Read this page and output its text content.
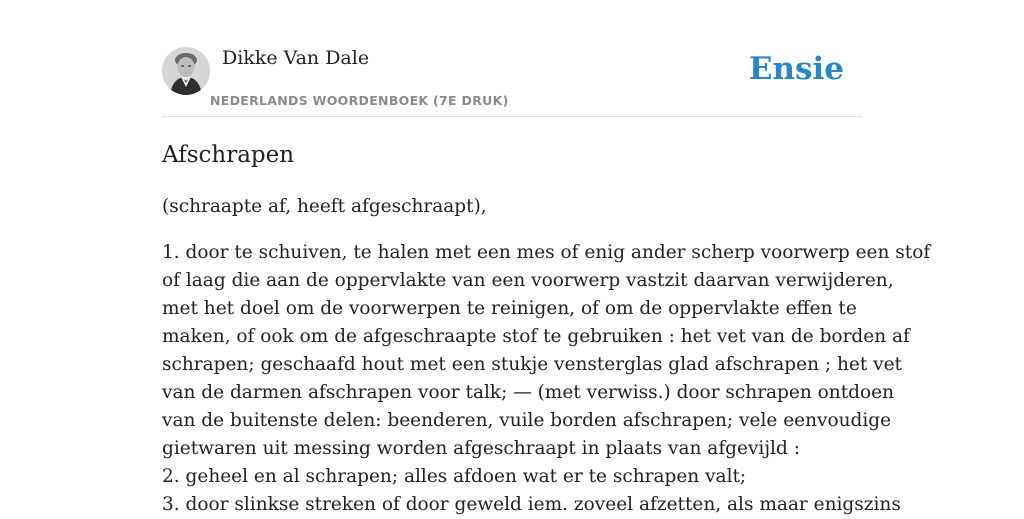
Dikke Van Dale
NEDERLANDS WOORDENBOEK (7E DRUK)
Ensie
Afschrapen

(schraapte af, heeft afgeschraapt),

1. door te schuiven, te halen met een mes of enig ander scherp voorwerp een stof

of laag die aan de oppervlakte van een voorwerp vastzit daarvan verwijderen,

met het doel om de voorwerpen te reinigen, of om de oppervlakte effen te

maken, of ook om de afgeschraapte stof te gebruiken : het vet van de borden af

schrapen; geschaafd hout met een stukje vensterglas glad afschrapen ; het vet

van de darmen afschrapen voor talk; — (met verwiss.) door schrapen ontdoen

van de buitenste delen: beenderen, vuile borden afschrapen; vele eenvoudige

gietwaren uit messing worden afgeschraapt in plaats van afgevijld :

2. geheel en al schrapen; alles afdoen wat er te schrapen valt;

3. door slinkse streken of door geweld iem. zoveel afzetten, als maar enigszins
